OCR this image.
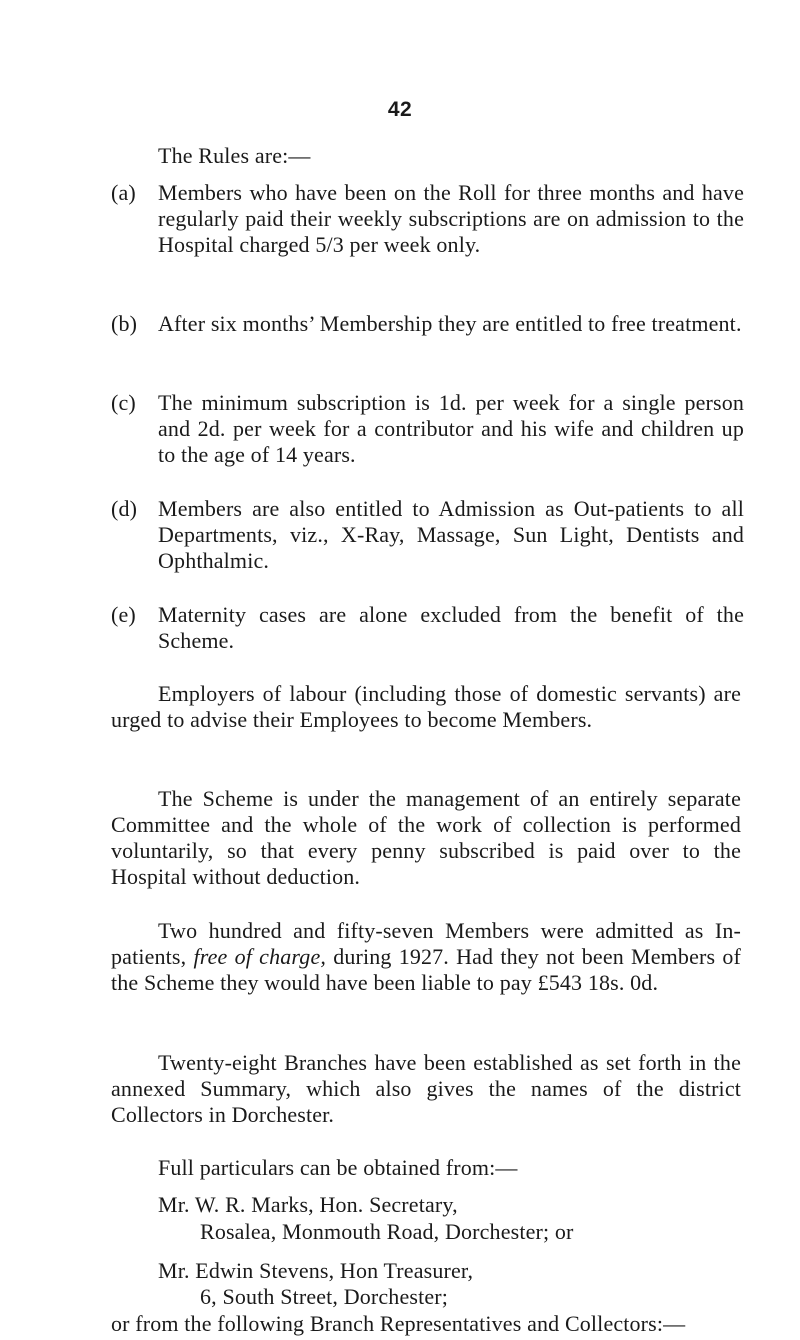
42
The Rules are:—
(a)	Members who have been on the Roll for three months and have regularly paid their weekly subscriptions are on admission to the Hospital charged 5/3 per week only.
(b) After six months’ Membership they are entitled to free treatment.
(c)	The minimum subscription is 1d. per week for a single person and 2d. per week for a contributor and his wife and children up to the age of 14 years.
(d) Members are also entitled to Admission as Out-patients to all Departments, viz., X-Ray, Massage, Sun Light, Dentists and Ophthalmic.
(e)	Maternity cases are alone excluded from the benefit of the Scheme.
Employers of labour (including those of domestic servants) are urged to advise their Employees to become Members.
The Scheme is under the management of an entirely separate Committee and the whole of the work of collection is performed voluntarily, so that every penny subscribed is paid over to the Hospital without deduction.
Two hundred and fifty-seven Members were admitted as In-patients, free of charge, during 1927. Had they not been Members of the Scheme they would have been liable to pay £543 18s. 0d.
Twenty-eight Branches have been established as set forth in the annexed Summary, which also gives the names of the district Collectors in Dorchester.
Full particulars can be obtained from:—
Mr. W. R. Marks, Hon. Secretary,
Rosalea, Monmouth Road, Dorchester; or
Mr. Edwin Stevens, Hon Treasurer,
6, South Street, Dorchester;
or from the following Branch Representatives and Collectors:—
